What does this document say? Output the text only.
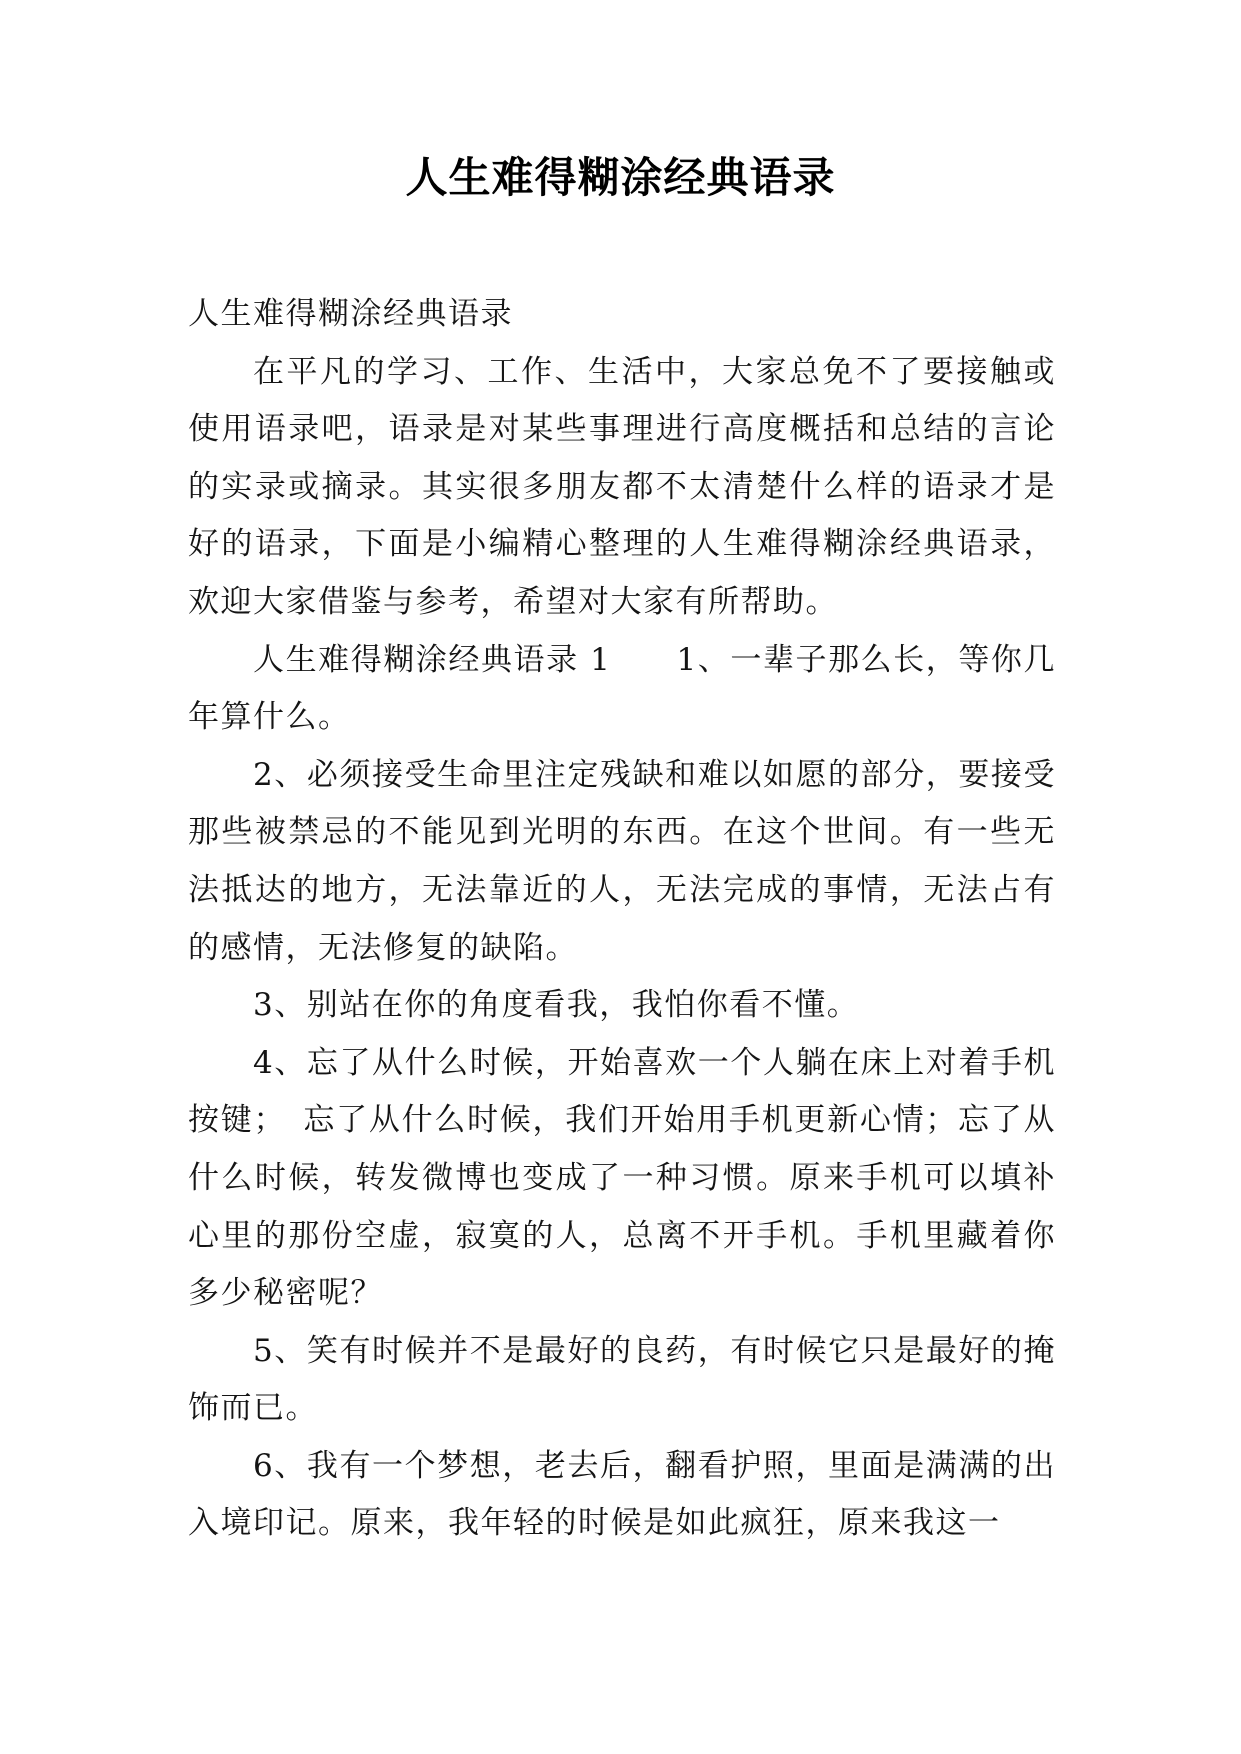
人生难得糊涂经典语录

人生难得糊涂经典语录

在平凡的学习、工作、生活中，大家总免不了要接触或使用语录吧，语录是对某些事理进行高度概括和总结的言论的实录或摘录。其实很多朋友都不太清楚什么样的语录才是好的语录，下面是小编精心整理的人生难得糊涂经典语录，欢迎大家借鉴与参考，希望对大家有所帮助。

人生难得糊涂经典语录 1　　1、一辈子那么长，等你几年算什么。

2、必须接受生命里注定残缺和难以如愿的部分，要接受那些被禁忌的不能见到光明的东西。在这个世间。有一些无法抵达的地方，无法靠近的人，无法完成的事情，无法占有的感情，无法修复的缺陷。

3、别站在你的角度看我，我怕你看不懂。

4、忘了从什么时候，开始喜欢一个人躺在床上对着手机按键；　忘了从什么时候，我们开始用手机更新心情；忘了从什么时候，转发微博也变成了一种习惯。原来手机可以填补心里的那份空虚，寂寞的人，总离不开手机。手机里藏着你多少秘密呢？

5、笑有时候并不是最好的良药，有时候它只是最好的掩饰而已。

6、我有一个梦想，老去后，翻看护照，里面是满满的出入境印记。原来，我年轻的时候是如此疯狂，原来我这一
